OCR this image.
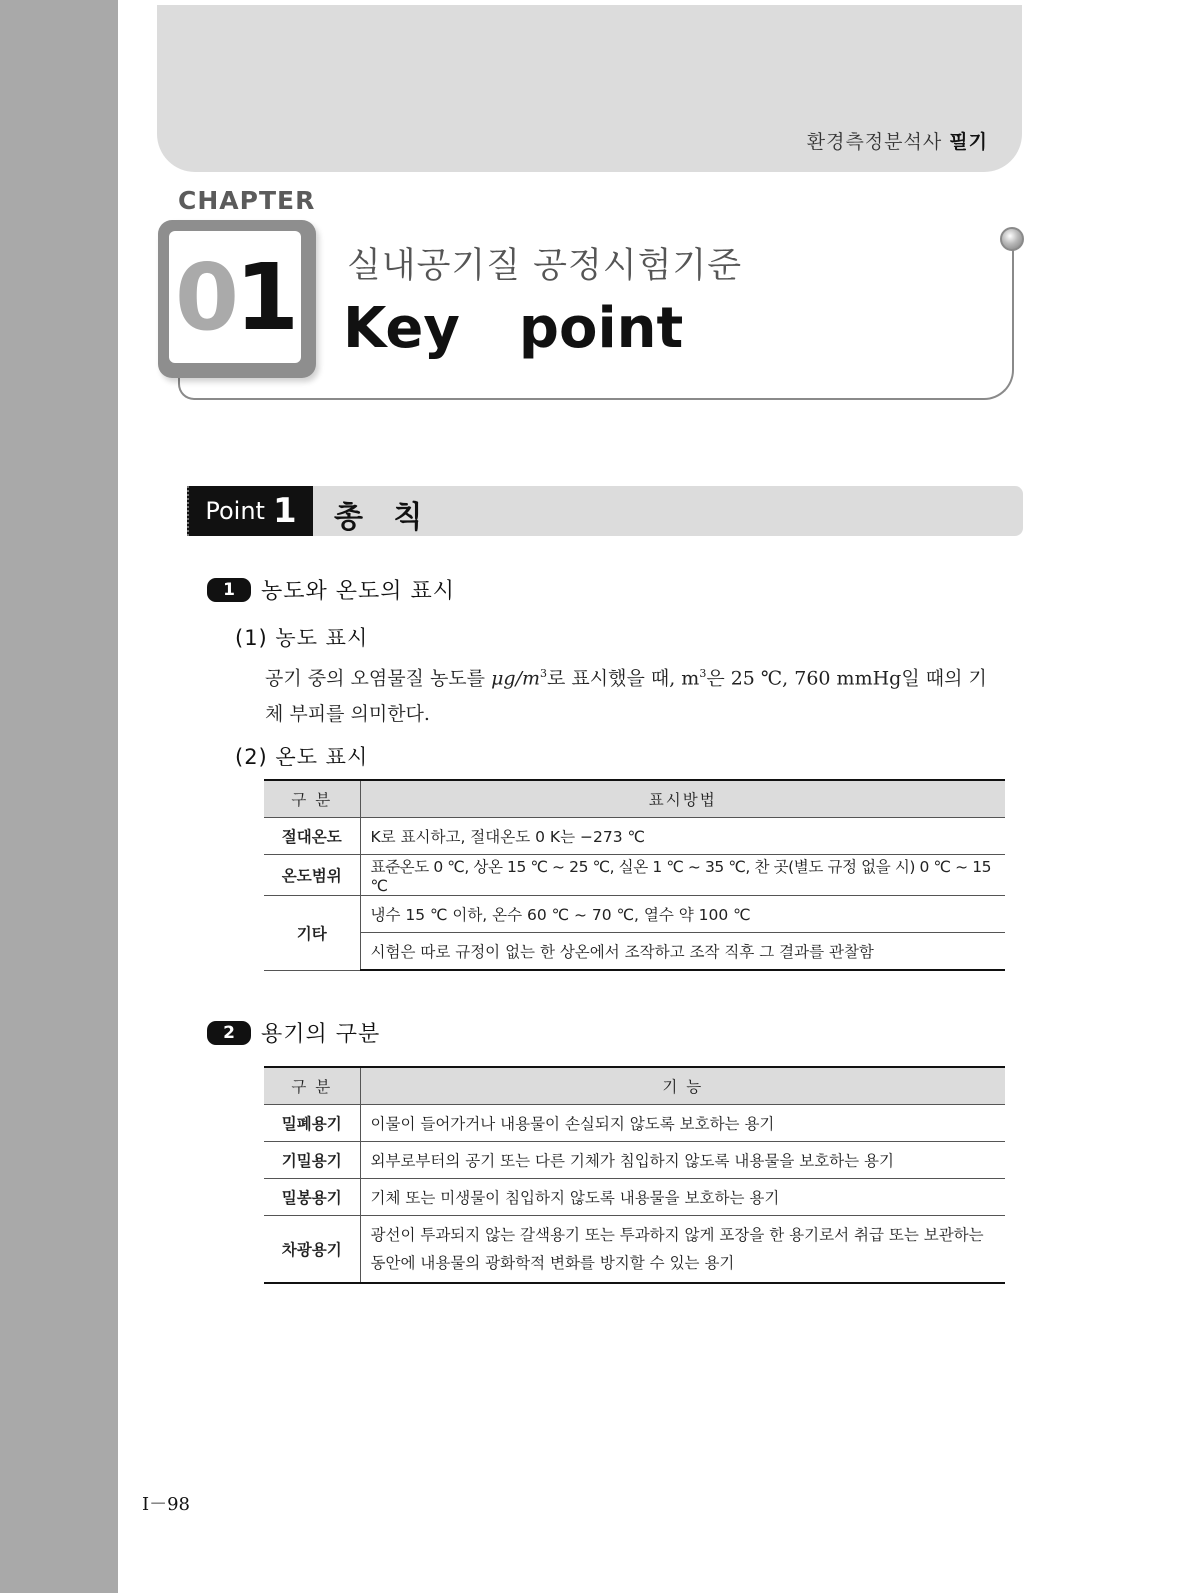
환경측정분석사 필기
CHAPTER
0 1 실내공기질 공정시험기준
Key  point
Point 1 총 칙
1	농도와 온도의 표시
(1) 농도 표시
공기 중의 오염물질 농도를 $\mu g/m^3$로 표시했을 때, $m^3$은 25 ℃, 760 mmHg일 때의 기체 부피를 의미한다.
(2) 온도 표시
구 분	표시방법
절대온도	K로 표시하고, 절대온도 0 K는 −273 ℃
온도범위	표준온도 0 ℃, 상온 15 ℃ ~ 25 ℃, 실온 1 ℃ ~ 35 ℃, 찬 곳(별도 규정 없을 시) 0 ℃ ~ 15 ℃
기타	냉수 15 ℃ 이하, 온수 60 ℃ ~ 70 ℃, 열수 약 100 ℃
	시험은 따로 규정이 없는 한 상온에서 조작하고 조작 직후 그 결과를 관찰함
2	용기의 구분
구 분	기 능
밀폐용기	이물이 들어가거나 내용물이 손실되지 않도록 보호하는 용기
기밀용기	외부로부터의 공기 또는 다른 기체가 침입하지 않도록 내용물을 보호하는 용기
밀봉용기	기체 또는 미생물이 침입하지 않도록 내용물을 보호하는 용기
차광용기	광선이 투과되지 않는 갈색용기 또는 투과하지 않게 포장을 한 용기로서 취급 또는 보관하는 동안에 내용물의 광화학적 변화를 방지할 수 있는 용기
I－98
